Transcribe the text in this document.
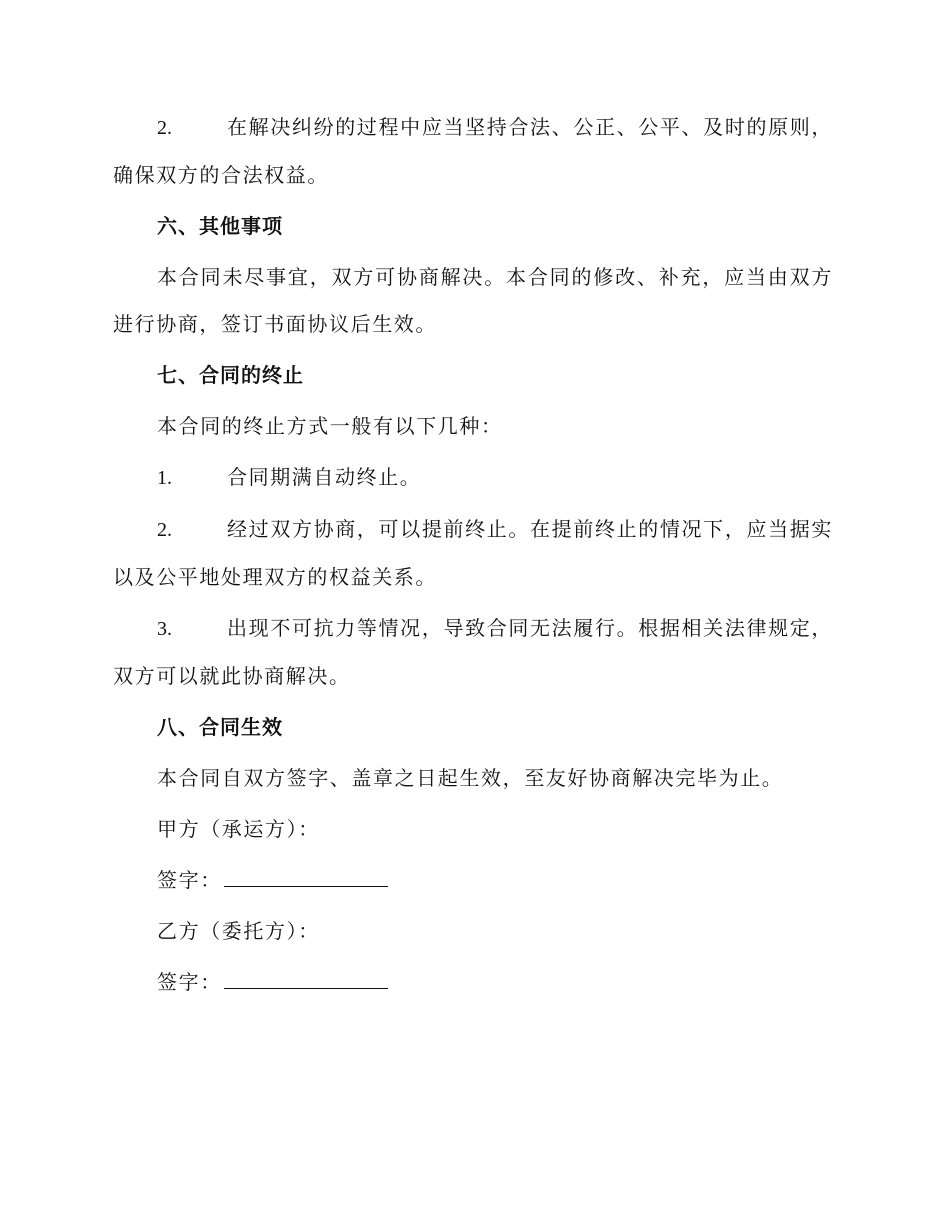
2.	在解决纠纷的过程中应当坚持合法、公正、公平、及时的原则，确保双方的合法权益。

六、其他事项

本合同未尽事宜，双方可协商解决。本合同的修改、补充，应当由双方进行协商，签订书面协议后生效。

七、合同的终止

本合同的终止方式一般有以下几种：

1.	合同期满自动终止。

2.	经过双方协商，可以提前终止。在提前终止的情况下，应当据实以及公平地处理双方的权益关系。

3.	出现不可抗力等情况，导致合同无法履行。根据相关法律规定，双方可以就此协商解决。

八、合同生效

本合同自双方签字、盖章之日起生效，至友好协商解决完毕为止。

甲方（承运方）：

签字：

乙方（委托方）：

签字：
